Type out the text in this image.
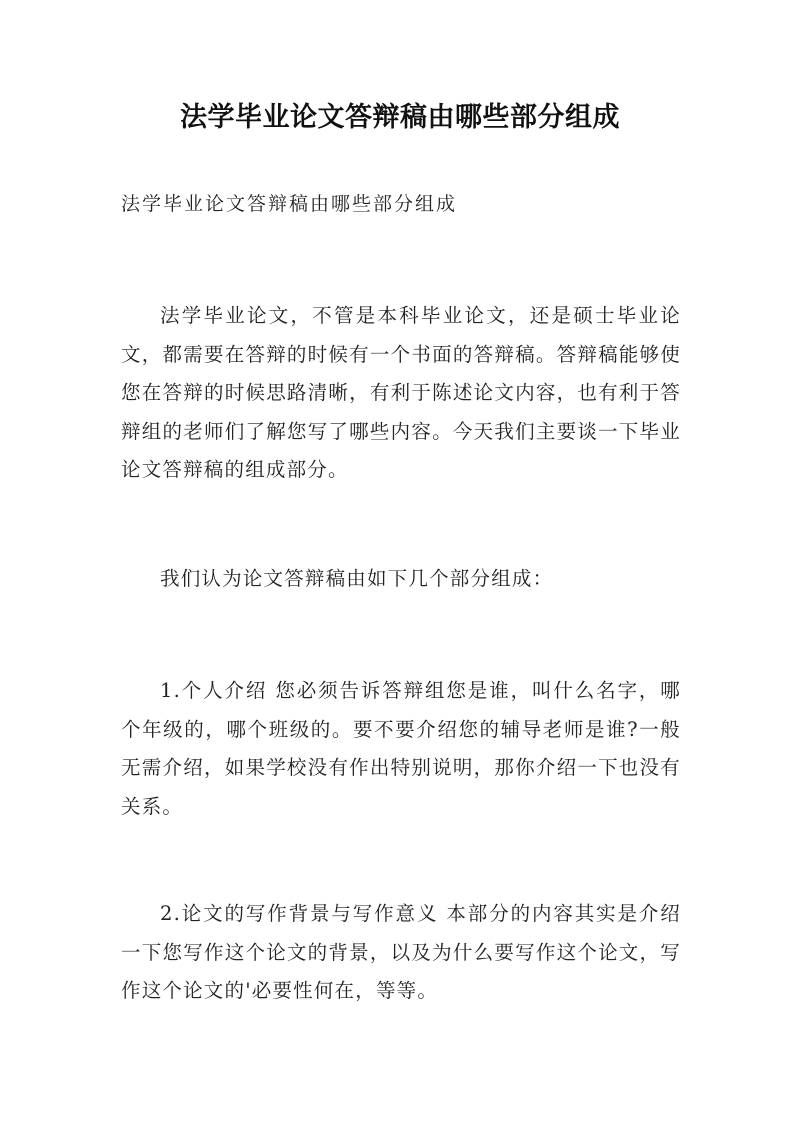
法学毕业论文答辩稿由哪些部分组成

法学毕业论文答辩稿由哪些部分组成

法学毕业论文，不管是本科毕业论文，还是硕士毕业论文，都需要在答辩的时候有一个书面的答辩稿。答辩稿能够使您在答辩的时候思路清晰，有利于陈述论文内容，也有利于答辩组的老师们了解您写了哪些内容。今天我们主要谈一下毕业论文答辩稿的组成部分。

我们认为论文答辩稿由如下几个部分组成：

1.个人介绍 您必须告诉答辩组您是谁，叫什么名字，哪个年级的，哪个班级的。要不要介绍您的辅导老师是谁?一般无需介绍，如果学校没有作出特别说明，那你介绍一下也没有关系。

2.论文的写作背景与写作意义 本部分的内容其实是介绍一下您写作这个论文的背景，以及为什么要写作这个论文，写作这个论文的'必要性何在，等等。
